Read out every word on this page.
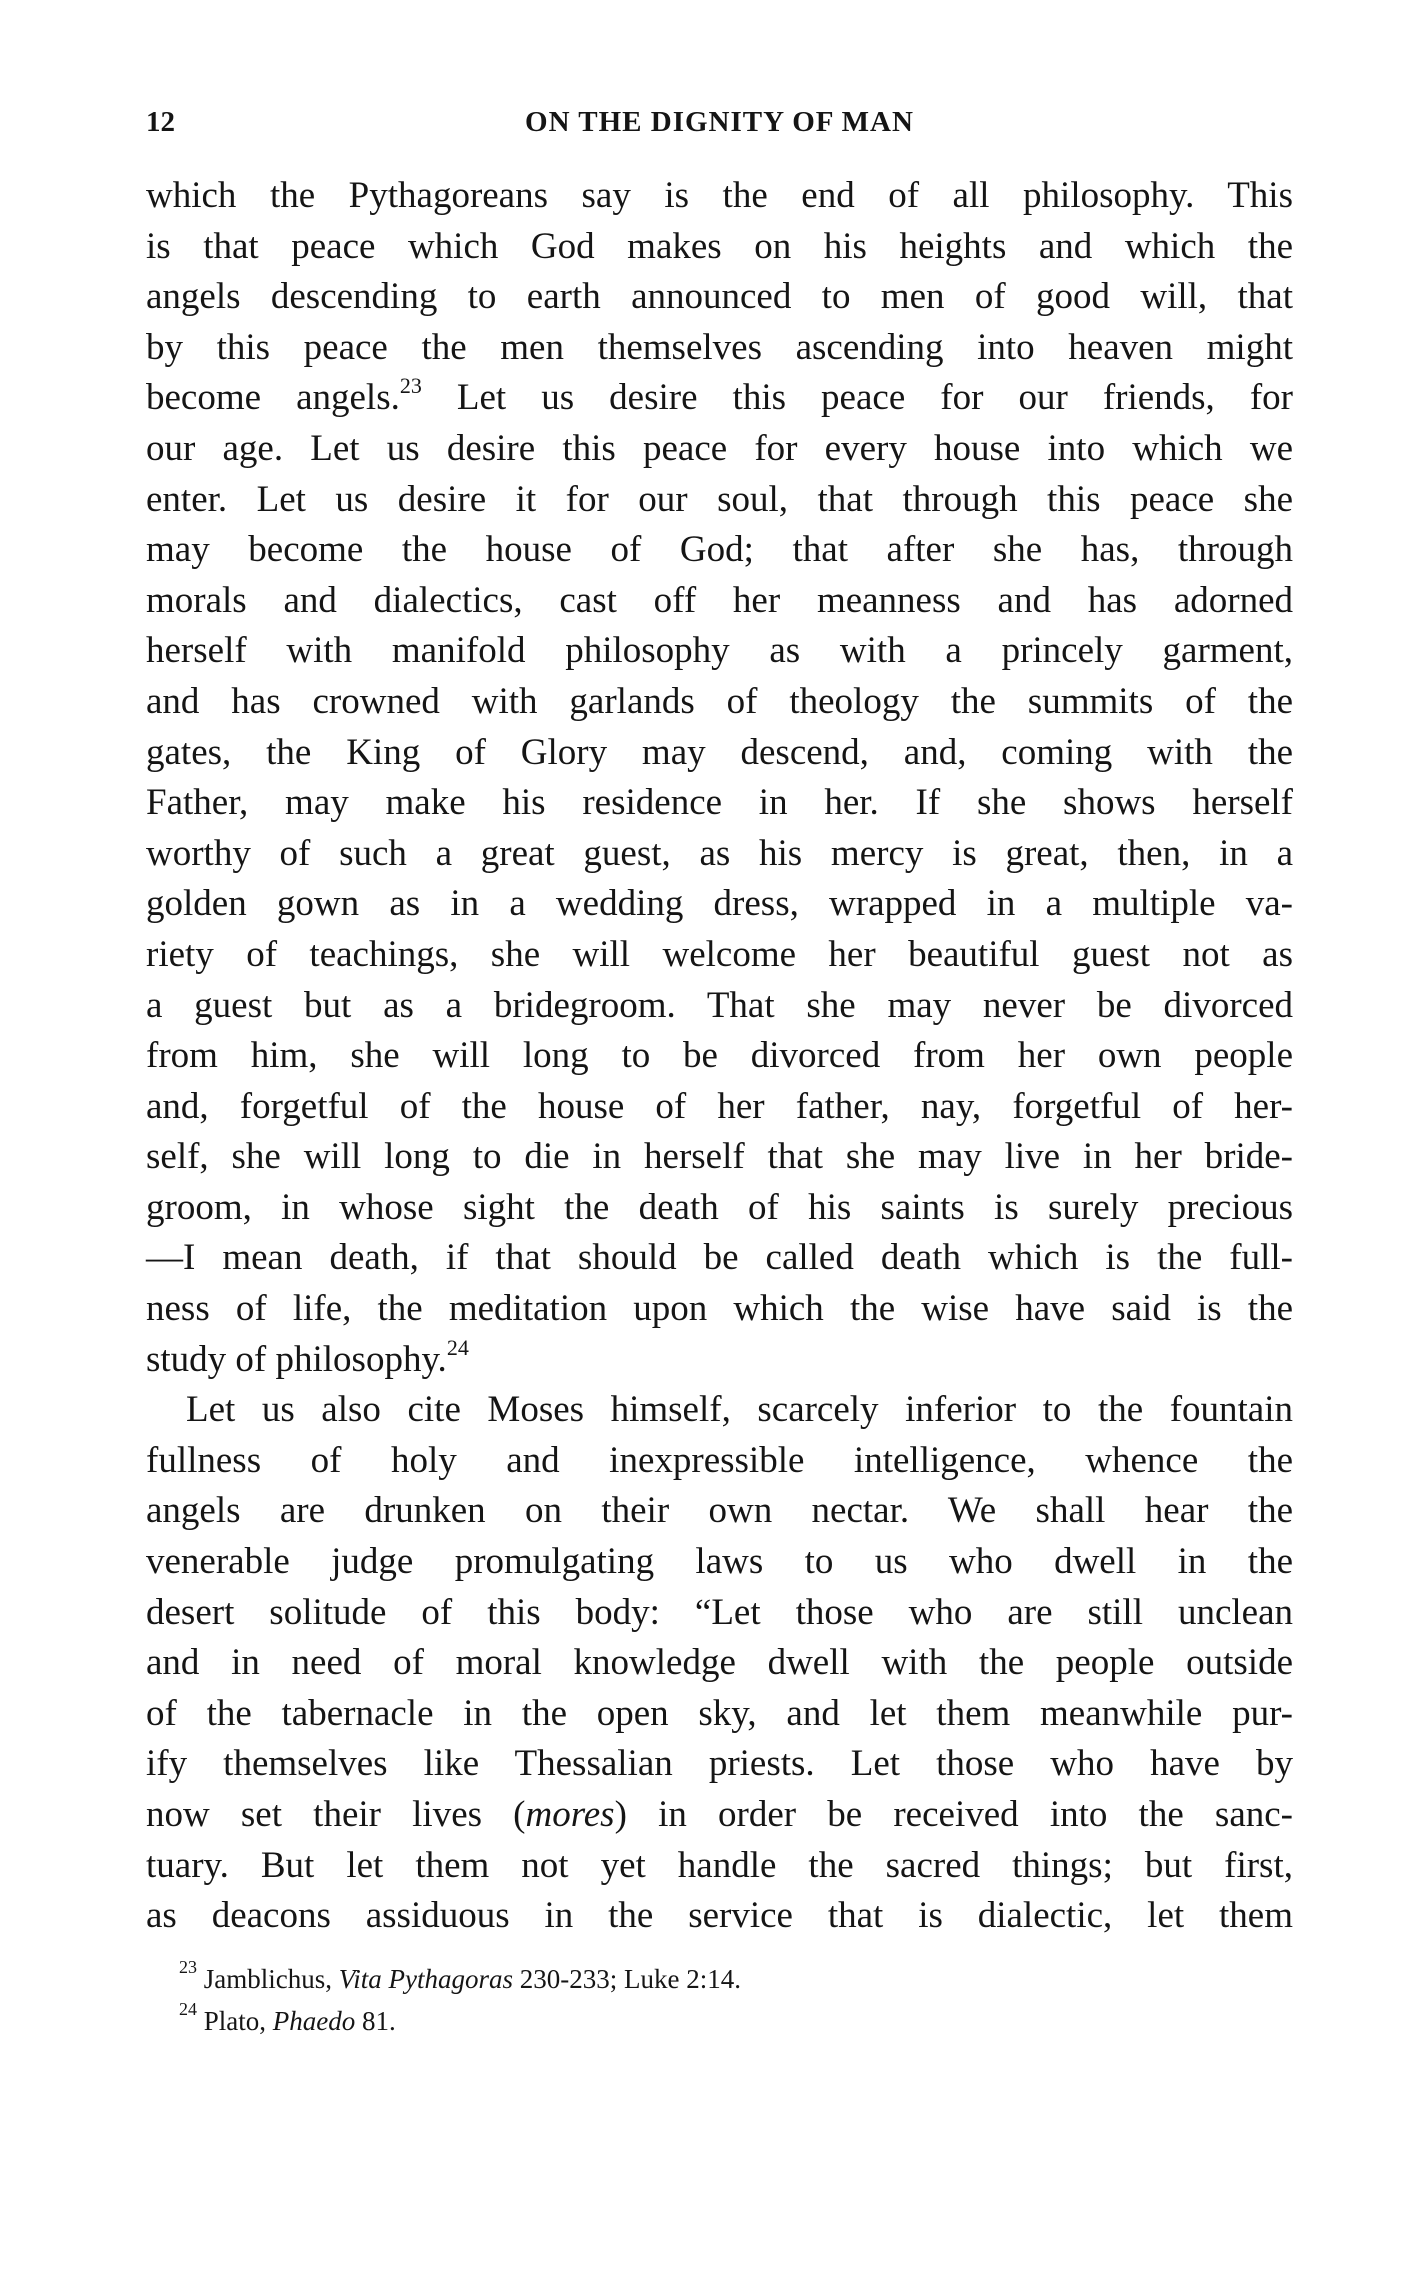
12	ON THE DIGNITY OF MAN
which the Pythagoreans say is the end of all philosophy. This
is that peace which God makes on his heights and which the
angels descending to earth announced to men of good will, that
by this peace the men themselves ascending into heaven might
become angels.$^{23}$ Let us desire this peace for our friends, for
our age. Let us desire this peace for every house into which we
enter. Let us desire it for our soul, that through this peace she
may become the house of God; that after she has, through
morals and dialectics, cast off her meanness and has adorned
herself with manifold philosophy as with a princely garment,
and has crowned with garlands of theology the summits of the
gates, the King of Glory may descend, and, coming with the
Father, may make his residence in her. If she shows herself
worthy of such a great guest, as his mercy is great, then, in a
golden gown as in a wedding dress, wrapped in a multiple va-
riety of teachings, she will welcome her beautiful guest not as
a guest but as a bridegroom. That she may never be divorced
from him, she will long to be divorced from her own people
and, forgetful of the house of her father, nay, forgetful of her-
self, she will long to die in herself that she may live in her bride-
groom, in whose sight the death of his saints is surely precious
—I mean death, if that should be called death which is the full-
ness of life, the meditation upon which the wise have said is the
study of philosophy.$^{24}$
Let us also cite Moses himself, scarcely inferior to the fountain
fullness of holy and inexpressible intelligence, whence the
angels are drunken on their own nectar. We shall hear the
venerable judge promulgating laws to us who dwell in the
desert solitude of this body: “Let those who are still unclean
and in need of moral knowledge dwell with the people outside
of the tabernacle in the open sky, and let them meanwhile pur-
ify themselves like Thessalian priests. Let those who have by
now set their lives (mores) in order be received into the sanc-
tuary. But let them not yet handle the sacred things; but first,
as deacons assiduous in the service that is dialectic, let them
$^{23}$ Jamblichus, Vita Pythagoras 230-233; Luke 2:14.
$^{24}$ Plato, Phaedo 81.
